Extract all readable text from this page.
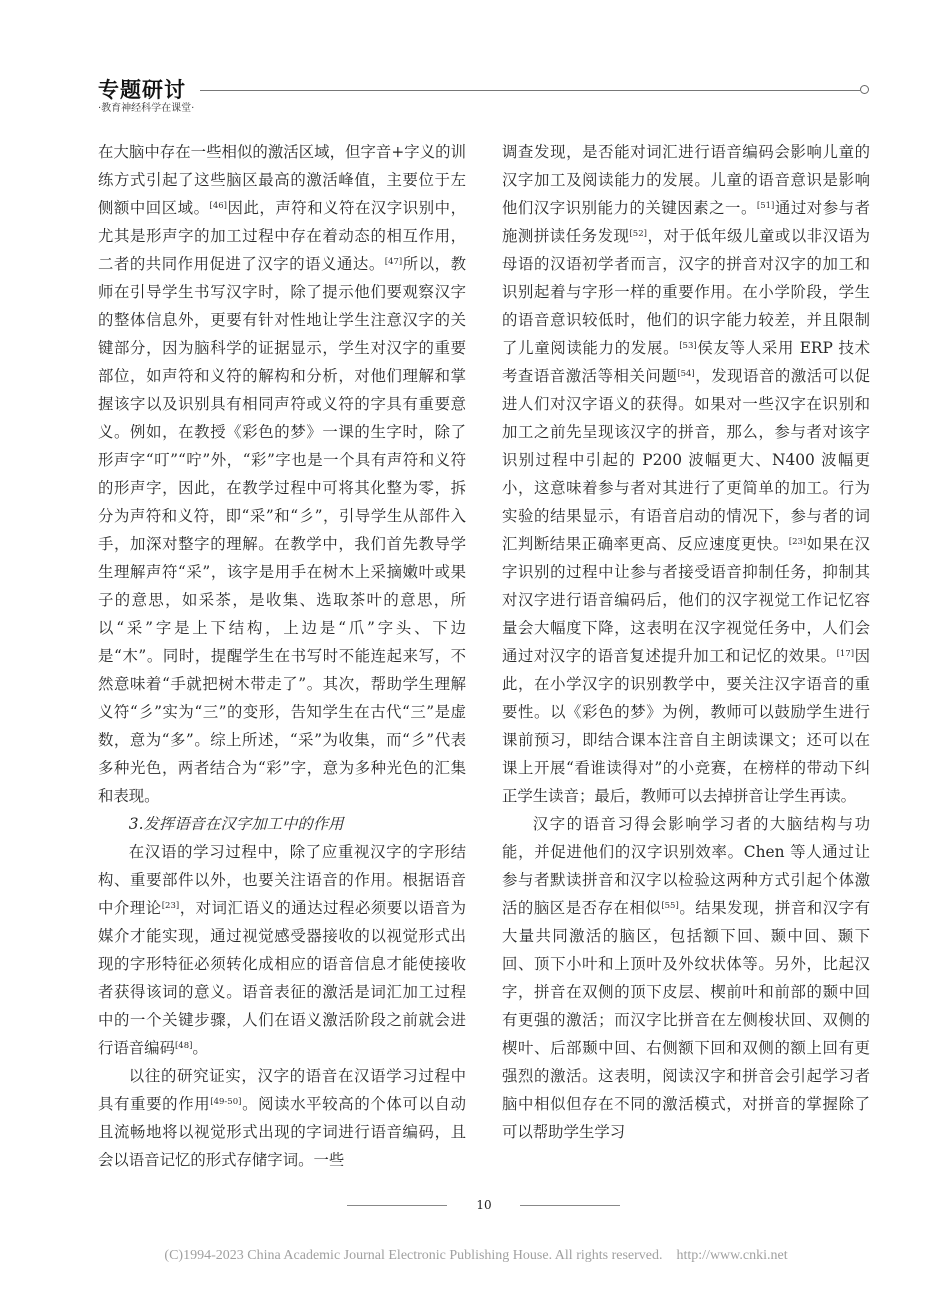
专题研讨
·教育神经科学在课堂·

在大脑中存在一些相似的激活区域，但字音+字义的训练方式引起了这些脑区最高的激活峰值，主要位于左侧额中回区域。[46]因此，声符和义符在汉字识别中，尤其是形声字的加工过程中存在着动态的相互作用，二者的共同作用促进了汉字的语义通达。[47]所以，教师在引导学生书写汉字时，除了提示他们要观察汉字的整体信息外，更要有针对性地让学生注意汉字的关键部分，因为脑科学的证据显示，学生对汉字的重要部位，如声符和义符的解构和分析，对他们理解和掌握该字以及识别具有相同声符或义符的字具有重要意义。例如，在教授《彩色的梦》一课的生字时，除了形声字“叮”“咛”外，“彩”字也是一个具有声符和义符的形声字，因此，在教学过程中可将其化整为零，拆分为声符和义符，即“采”和“彡”，引导学生从部件入手，加深对整字的理解。在教学中，我们首先教导学生理解声符“采”，该字是用手在树木上采摘嫩叶或果子的意思，如采茶，是收集、选取茶叶的意思，所以“采”字是上下结构，上边是“爪”字头、下边是“木”。同时，提醒学生在书写时不能连起来写，不然意味着“手就把树木带走了”。其次，帮助学生理解义符“彡”实为“三”的变形，告知学生在古代“三”是虚数，意为“多”。综上所述，“采”为收集，而“彡”代表多种光色，两者结合为“彩”字，意为多种光色的汇集和表现。

3.发挥语音在汉字加工中的作用

在汉语的学习过程中，除了应重视汉字的字形结构、重要部件以外，也要关注语音的作用。根据语音中介理论[23]，对词汇语义的通达过程必须要以语音为媒介才能实现，通过视觉感受器接收的以视觉形式出现的字形特征必须转化成相应的语音信息才能使接收者获得该词的意义。语音表征的激活是词汇加工过程中的一个关键步骤，人们在语义激活阶段之前就会进行语音编码[48]。

以往的研究证实，汉字的语音在汉语学习过程中具有重要的作用[49-50]。阅读水平较高的个体可以自动且流畅地将以视觉形式出现的字词进行语音编码，且会以语音记忆的形式存储字词。一些

调查发现，是否能对词汇进行语音编码会影响儿童的汉字加工及阅读能力的发展。儿童的语音意识是影响他们汉字识别能力的关键因素之一。[51]通过对参与者施测拼读任务发现[52]，对于低年级儿童或以非汉语为母语的汉语初学者而言，汉字的拼音对汉字的加工和识别起着与字形一样的重要作用。在小学阶段，学生的语音意识较低时，他们的识字能力较差，并且限制了儿童阅读能力的发展。[53]侯友等人采用 ERP 技术考查语音激活等相关问题[54]，发现语音的激活可以促进人们对汉字语义的获得。如果对一些汉字在识别和加工之前先呈现该汉字的拼音，那么，参与者对该字识别过程中引起的 P200 波幅更大、N400 波幅更小，这意味着参与者对其进行了更简单的加工。行为实验的结果显示，有语音启动的情况下，参与者的词汇判断结果正确率更高、反应速度更快。[23]如果在汉字识别的过程中让参与者接受语音抑制任务，抑制其对汉字进行语音编码后，他们的汉字视觉工作记忆容量会大幅度下降，这表明在汉字视觉任务中，人们会通过对汉字的语音复述提升加工和记忆的效果。[17]因此，在小学汉字的识别教学中，要关注汉字语音的重要性。以《彩色的梦》为例，教师可以鼓励学生进行课前预习，即结合课本注音自主朗读课文；还可以在课上开展“看谁读得对”的小竞赛，在榜样的带动下纠正学生读音；最后，教师可以去掉拼音让学生再读。

汉字的语音习得会影响学习者的大脑结构与功能，并促进他们的汉字识别效率。Chen 等人通过让参与者默读拼音和汉字以检验这两种方式引起个体激活的脑区是否存在相似[55]。结果发现，拼音和汉字有大量共同激活的脑区，包括额下回、颞中回、颞下回、顶下小叶和上顶叶及外纹状体等。另外，比起汉字，拼音在双侧的顶下皮层、楔前叶和前部的颞中回有更强的激活；而汉字比拼音在左侧梭状回、双侧的楔叶、后部颞中回、右侧额下回和双侧的额上回有更强烈的激活。这表明，阅读汉字和拼音会引起学习者脑中相似但存在不同的激活模式，对拼音的掌握除了可以帮助学生学习

10
(C)1994-2023 China Academic Journal Electronic Publishing House. All rights reserved. http://www.cnki.net
